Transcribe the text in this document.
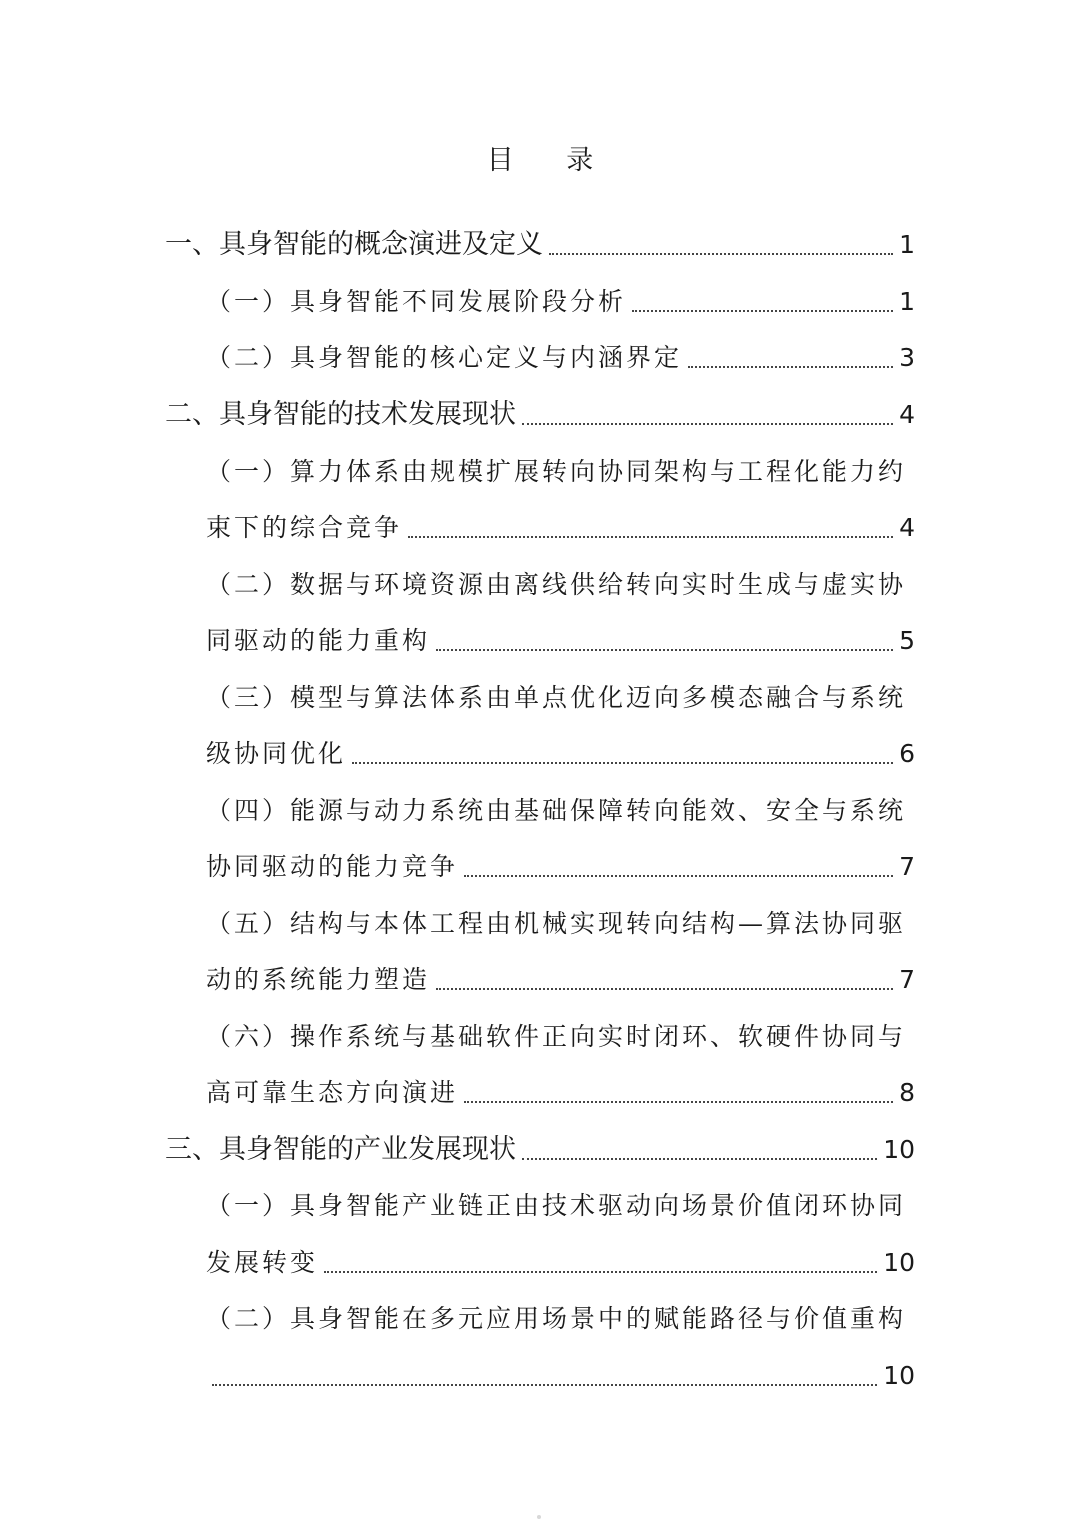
目 录
一、具身智能的概念演进及定义	1
（一）具身智能不同发展阶段分析	1
（二）具身智能的核心定义与内涵界定	3
二、具身智能的技术发展现状	4
（一）算力体系由规模扩展转向协同架构与工程化能力约
束下的综合竞争	4
（二）数据与环境资源由离线供给转向实时生成与虚实协
同驱动的能力重构	5
（三）模型与算法体系由单点优化迈向多模态融合与系统
级协同优化	6
（四）能源与动力系统由基础保障转向能效、安全与系统
协同驱动的能力竞争	7
（五）结构与本体工程由机械实现转向结构—算法协同驱
动的系统能力塑造	7
（六）操作系统与基础软件正向实时闭环、软硬件协同与
高可靠生态方向演进	8
三、具身智能的产业发展现状	10
（一）具身智能产业链正由技术驱动向场景价值闭环协同
发展转变	10
（二）具身智能在多元应用场景中的赋能路径与价值重构
10
